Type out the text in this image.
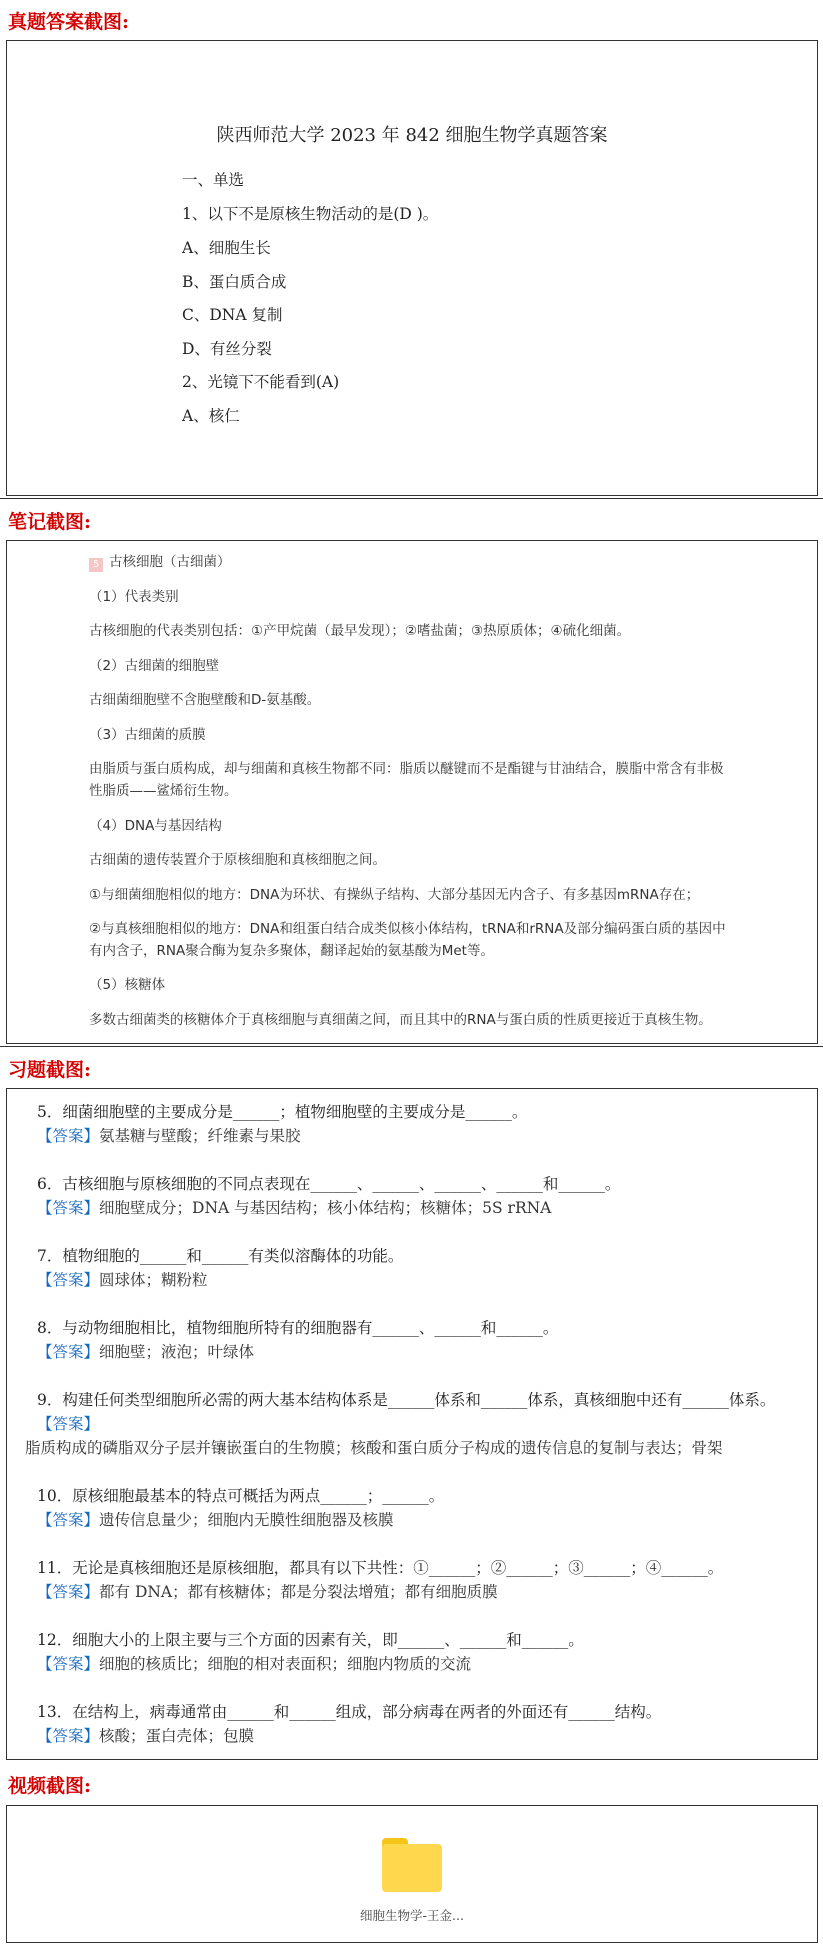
真题答案截图:
陕西师范大学 2023 年 842 细胞生物学真题答案
一、单选
1、以下不是原核生物活动的是(D )。
A、细胞生长
B、蛋白质合成
C、DNA 复制
D、有丝分裂
2、光镜下不能看到(A)
A、核仁
笔记截图:
5 古核细胞（古细菌）
（1）代表类别
古核细胞的代表类别包括：①产甲烷菌（最早发现）；②嗜盐菌；③热原质体；④硫化细菌。
（2）古细菌的细胞壁
古细菌细胞壁不含胞壁酸和D-氨基酸。
（3）古细菌的质膜
由脂质与蛋白质构成，却与细菌和真核生物都不同：脂质以醚键而不是酯键与甘油结合，膜脂中常含有非极性脂质——鲨烯衍生物。
（4）DNA与基因结构
古细菌的遗传装置介于原核细胞和真核细胞之间。
①与细菌细胞相似的地方：DNA为环状、有操纵子结构、大部分基因无内含子、有多基因mRNA存在；
②与真核细胞相似的地方：DNA和组蛋白结合成类似核小体结构，tRNA和rRNA及部分编码蛋白质的基因中有内含子，RNA聚合酶为复杂多聚体，翻译起始的氨基酸为Met等。
（5）核糖体
多数古细菌类的核糖体介于真核细胞与真细菌之间，而且其中的RNA与蛋白质的性质更接近于真核生物。
习题截图:
5．细菌细胞壁的主要成分是______；植物细胞壁的主要成分是______。
【答案】氨基糖与壁酸；纤维素与果胶
6．古核细胞与原核细胞的不同点表现在______、______、______、______和______。
【答案】细胞壁成分；DNA 与基因结构；核小体结构；核糖体；5S rRNA
7．植物细胞的______和______有类似溶酶体的功能。
【答案】圆球体；糊粉粒
8．与动物细胞相比，植物细胞所特有的细胞器有______、______和______。
【答案】细胞壁；液泡；叶绿体
9．构建任何类型细胞所必需的两大基本结构体系是______体系和______体系，真核细胞中还有______体系。
【答案】
脂质构成的磷脂双分子层并镶嵌蛋白的生物膜；核酸和蛋白质分子构成的遗传信息的复制与表达；骨架
10．原核细胞最基本的特点可概括为两点______；______。
【答案】遗传信息量少；细胞内无膜性细胞器及核膜
11．无论是真核细胞还是原核细胞，都具有以下共性：①______；②______；③______；④______。
【答案】都有 DNA；都有核糖体；都是分裂法增殖；都有细胞质膜
12．细胞大小的上限主要与三个方面的因素有关，即______、______和______。
【答案】细胞的核质比；细胞的相对表面积；细胞内物质的交流
13．在结构上，病毒通常由______和______组成，部分病毒在两者的外面还有______结构。
【答案】核酸；蛋白壳体；包膜
视频截图:
细胞生物学-王金...
